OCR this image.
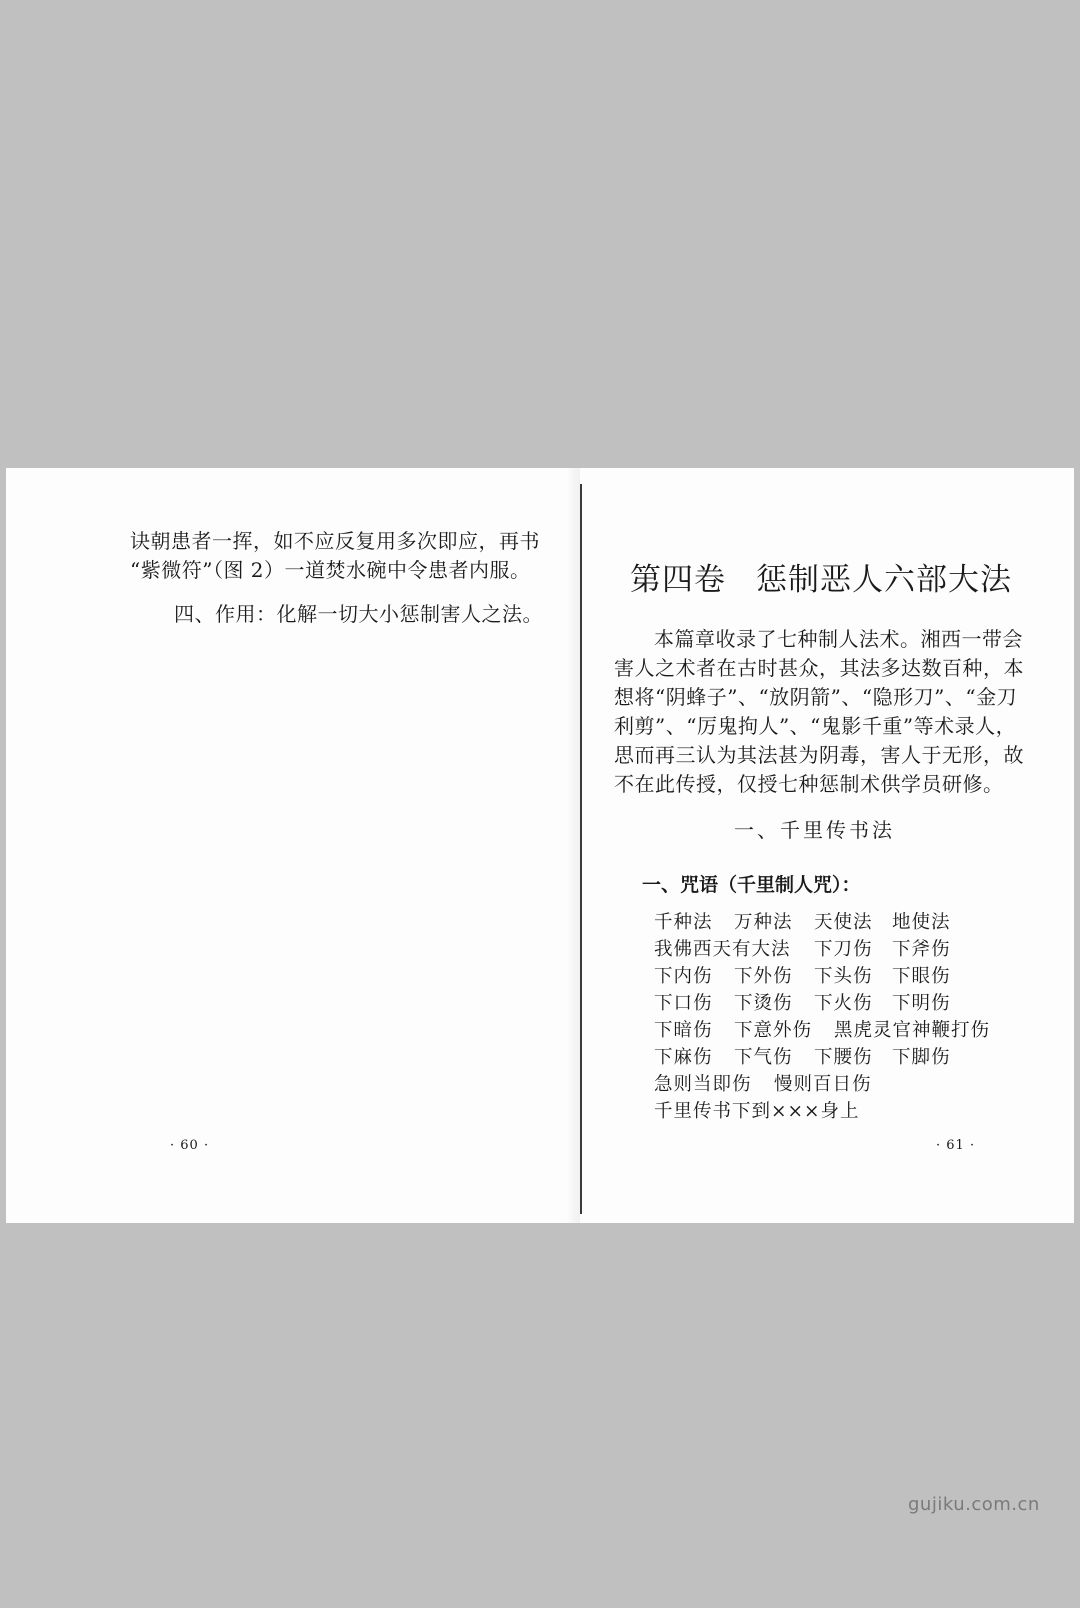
诀朝患者一挥，如不应反复用多次即应，再书
“紫微符”（图 2）一道焚水碗中令患者内服。
四、作用：化解一切大小惩制害人之法。
· 60 ·
第四卷 惩制恶人六部大法
本篇章收录了七种制人法术。湘西一带会
害人之术者在古时甚众，其法多达数百种，本
想将“阴蜂子”、“放阴箭”、“隐形刀”、“金刀
利剪”、“厉鬼拘人”、“鬼影千重”等术录人，
思而再三认为其法甚为阴毒，害人于无形，故
不在此传授，仅授七种惩制术供学员研修。
一、千里传书法
一、咒语（千里制人咒）：
千种法 万种法 天使法 地使法
我佛西天有大法 下刀伤 下斧伤
下内伤 下外伤 下头伤 下眼伤
下口伤 下烫伤 下火伤 下明伤
下暗伤 下意外伤 黑虎灵官神鞭打伤
下麻伤 下气伤 下腰伤 下脚伤
急则当即伤 慢则百日伤
千里传书下到×××身上
· 61 ·
gujiku.com.cn
